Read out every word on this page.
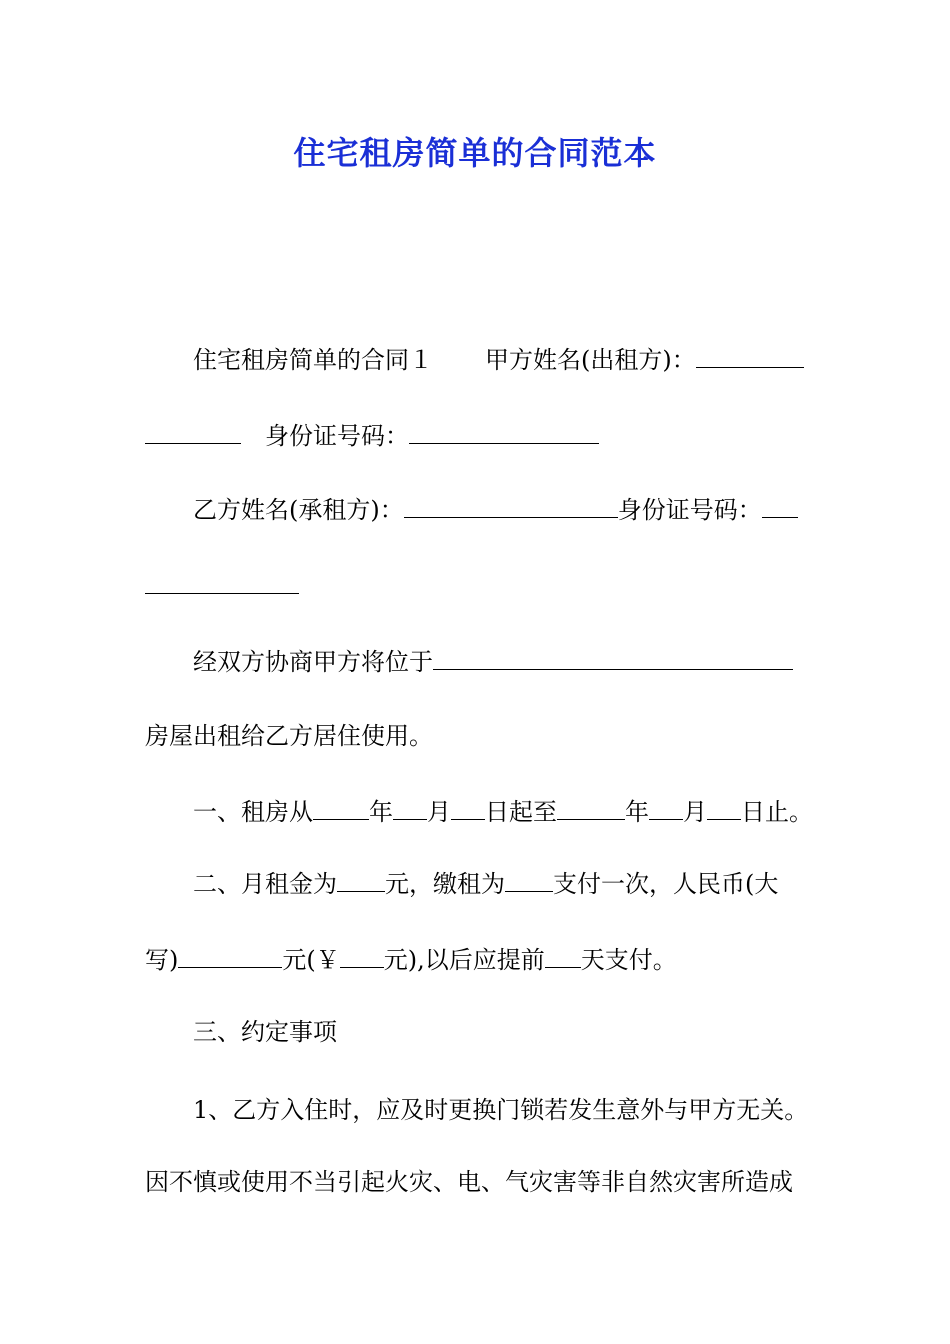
住宅租房简单的合同范本
住宅租房简单的合同１ 甲方姓名(出租方)：
身份证号码：
乙方姓名(承租方)：	身份证号码：
经双方协商甲方将位于
房屋出租给乙方居住使用。
一、租房从 年 月 日起至	年 月 日止。
二、月租金为 元，缴租为 支付一次，人民币(大
写)	元(￥ 元),以后应提前 天支付。
三、约定事项
1、乙方入住时，应及时更换门锁若发生意外与甲方无关。
因不慎或使用不当引起火灾、电、气灾害等非自然灾害所造成
